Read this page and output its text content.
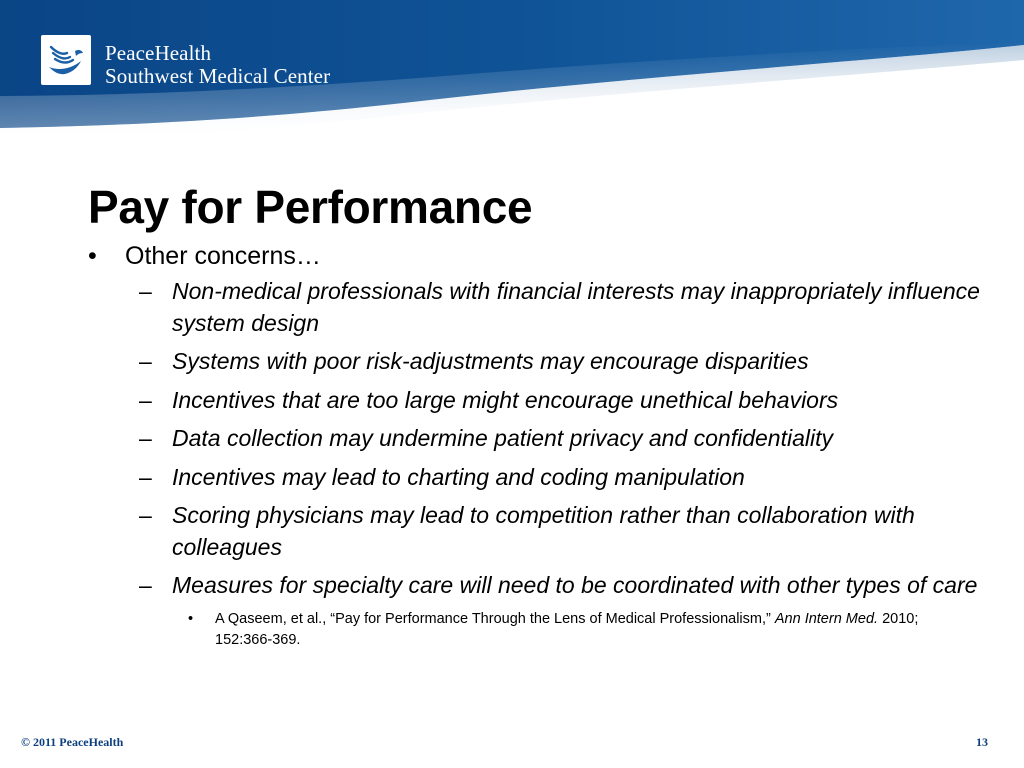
PeaceHealth
Southwest Medical Center
Pay for Performance
• Other concerns…
– Non-medical professionals with financial interests may inappropriately influence system design
– Systems with poor risk-adjustments may encourage disparities
– Incentives that are too large might encourage unethical behaviors
– Data collection may undermine patient privacy and confidentiality
– Incentives may lead to charting and coding manipulation
– Scoring physicians may lead to competition rather than collaboration with colleagues
– Measures for specialty care will need to be coordinated with other types of care
• A Qaseem, et al., “Pay for Performance Through the Lens of Medical Professionalism,” Ann Intern Med. 2010; 152:366-369.
© 2011 PeaceHealth	13
